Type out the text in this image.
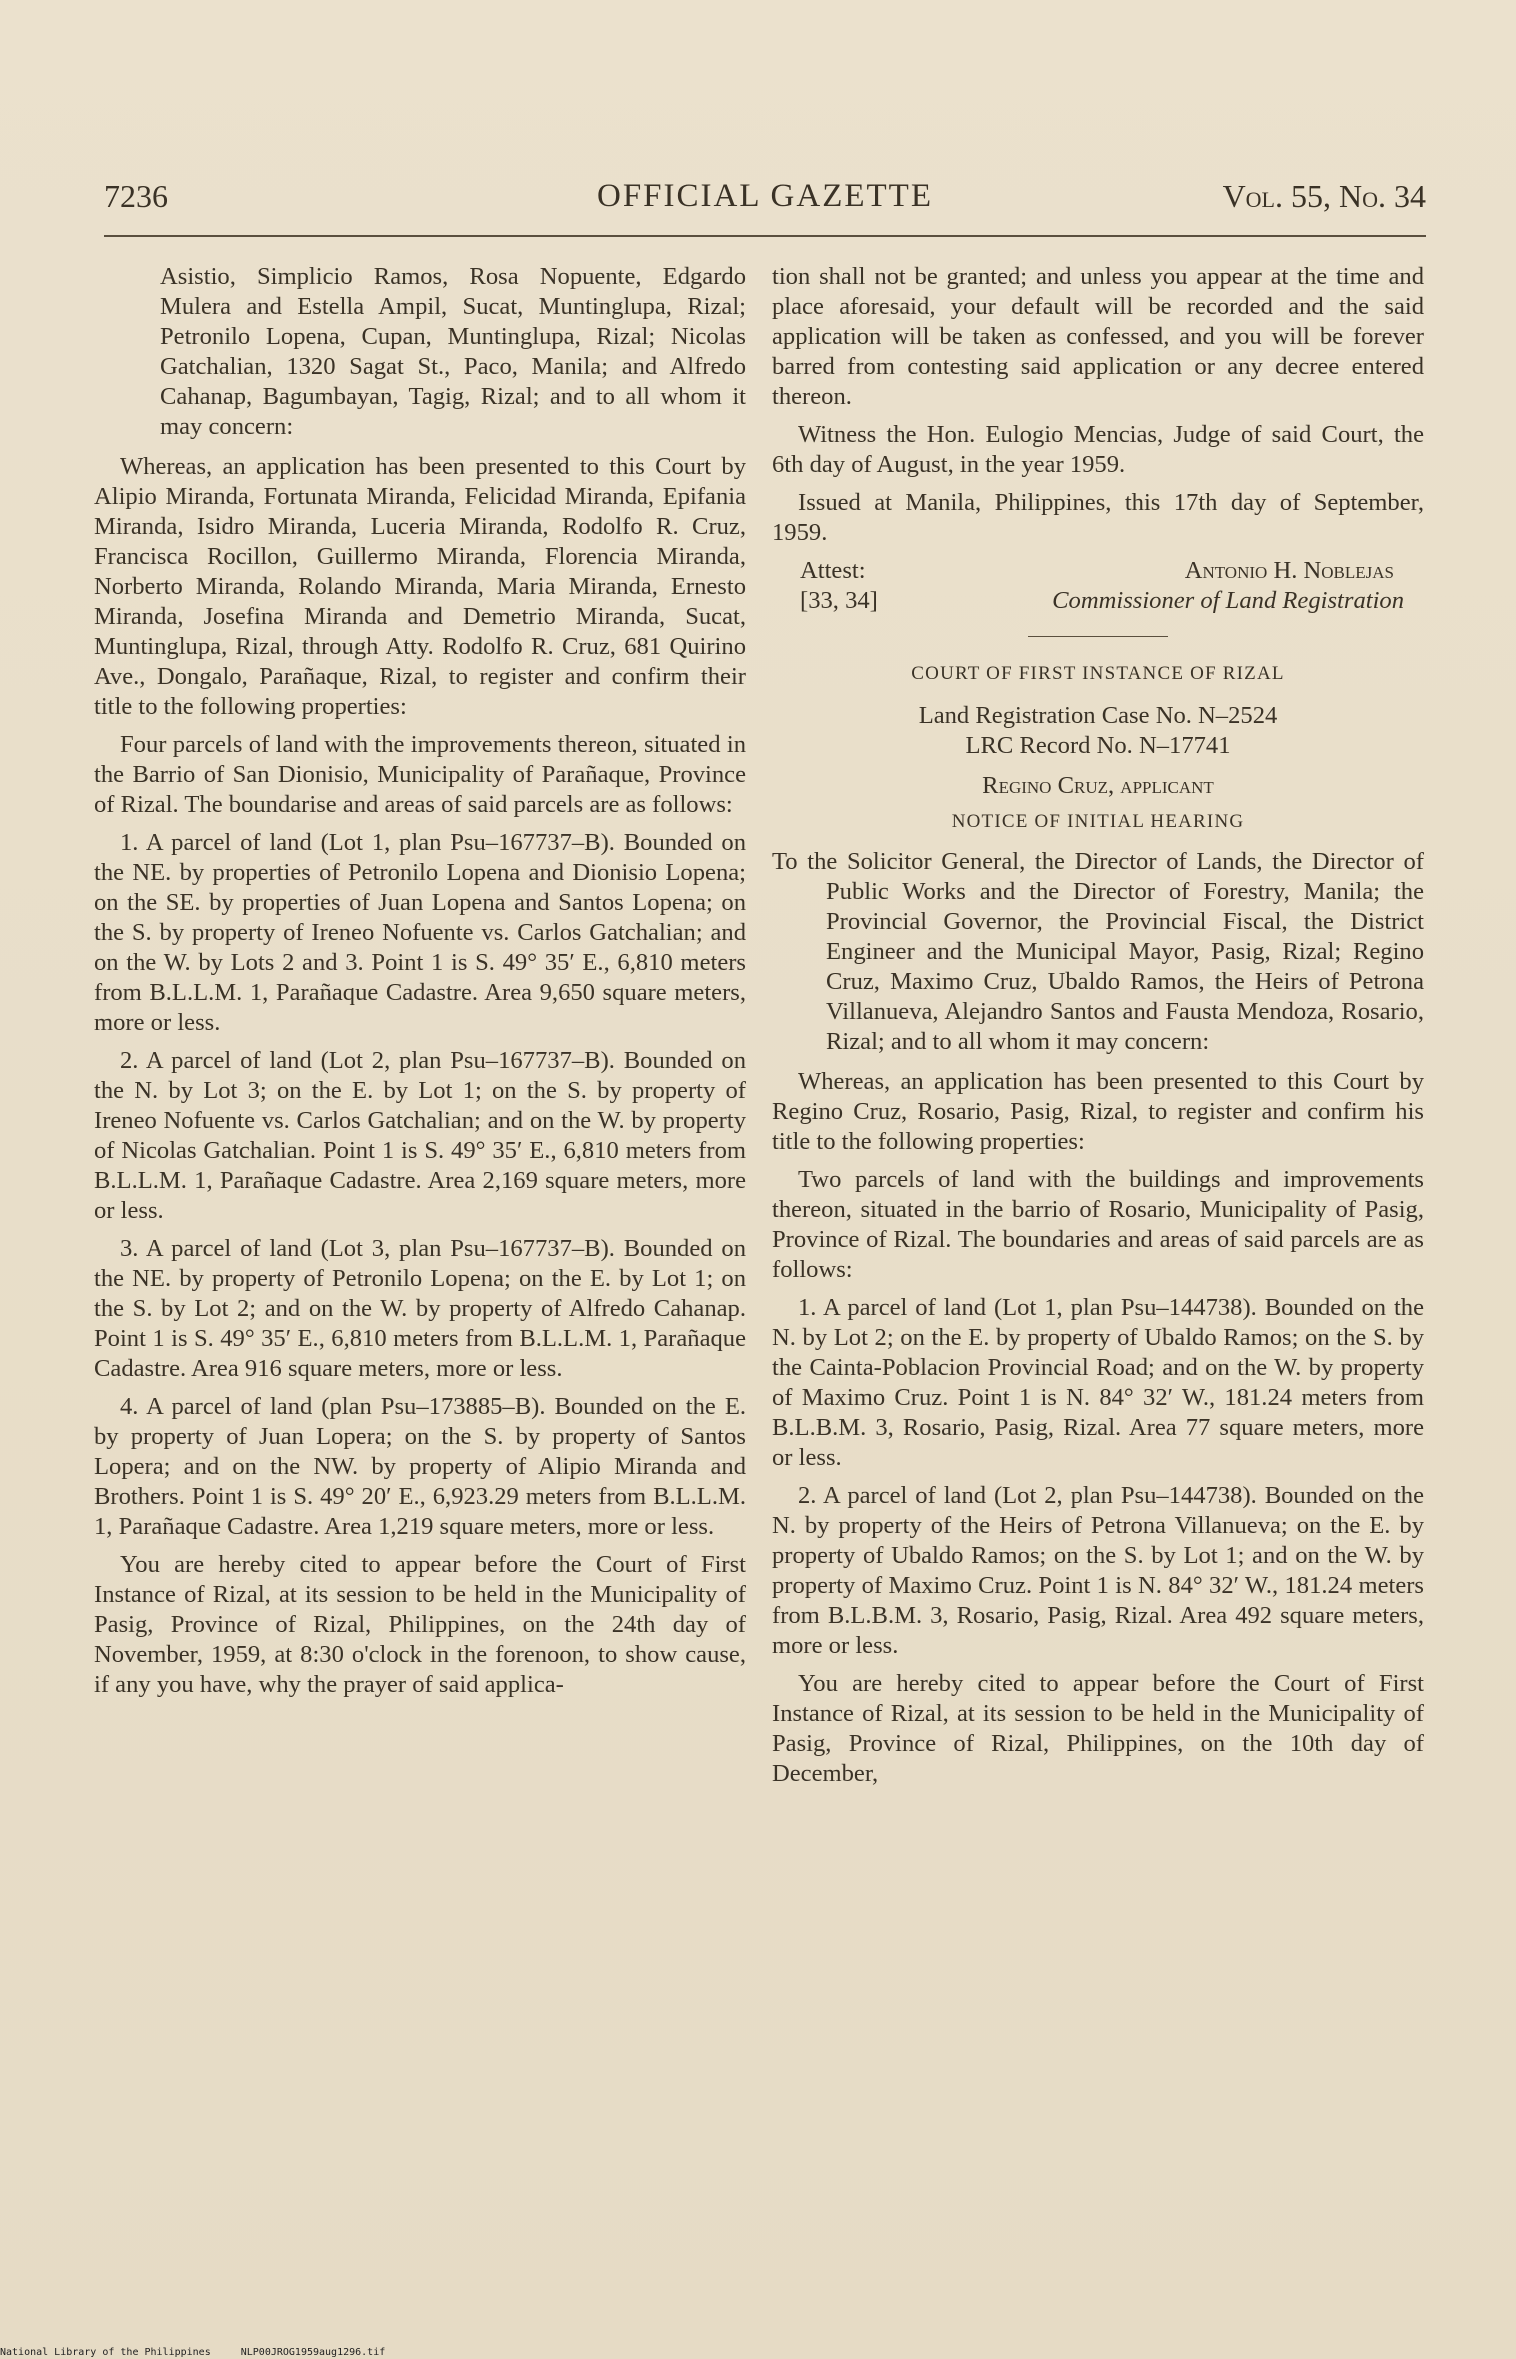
7236	OFFICIAL GAZETTE	Vol. 55, No. 34

Asistio, Simplicio Ramos, Rosa Nopuente, Edgardo Mulera and Estella Ampil, Sucat, Muntinglupa, Rizal; Petronilo Lopena, Cupan, Muntinglupa, Rizal; Nicolas Gatchalian, 1320 Sagat St., Paco, Manila; and Alfredo Cahanap, Bagumbayan, Tagig, Rizal; and to all whom it may concern:

Whereas, an application has been presented to this Court by Alipio Miranda, Fortunata Miranda, Felicidad Miranda, Epifania Miranda, Isidro Miranda, Luceria Miranda, Rodolfo R. Cruz, Francisca Rocillon, Guillermo Miranda, Florencia Miranda, Norberto Miranda, Rolando Miranda, Maria Miranda, Ernesto Miranda, Josefina Miranda and Demetrio Miranda, Sucat, Muntinglupa, Rizal, through Atty. Rodolfo R. Cruz, 681 Quirino Ave., Dongalo, Parañaque, Rizal, to register and confirm their title to the following properties:

Four parcels of land with the improvements thereon, situated in the Barrio of San Dionisio, Municipality of Parañaque, Province of Rizal. The boundarise and areas of said parcels are as follows:

1. A parcel of land (Lot 1, plan Psu–167737–B). Bounded on the NE. by properties of Petronilo Lopena and Dionisio Lopena; on the SE. by properties of Juan Lopena and Santos Lopena; on the S. by property of Ireneo Nofuente vs. Carlos Gatchalian; and on the W. by Lots 2 and 3. Point 1 is S. 49° 35′ E., 6,810 meters from B.L.L.M. 1, Parañaque Cadastre. Area 9,650 square meters, more or less.

2. A parcel of land (Lot 2, plan Psu–167737–B). Bounded on the N. by Lot 3; on the E. by Lot 1; on the S. by property of Ireneo Nofuente vs. Carlos Gatchalian; and on the W. by property of Nicolas Gatchalian. Point 1 is S. 49° 35′ E., 6,810 meters from B.L.L.M. 1, Parañaque Cadastre. Area 2,169 square meters, more or less.

3. A parcel of land (Lot 3, plan Psu–167737–B). Bounded on the NE. by property of Petronilo Lopena; on the E. by Lot 1; on the S. by Lot 2; and on the W. by property of Alfredo Cahanap. Point 1 is S. 49° 35′ E., 6,810 meters from B.L.L.M. 1, Parañaque Cadastre. Area 916 square meters, more or less.

4. A parcel of land (plan Psu–173885–B). Bounded on the E. by property of Juan Lopera; on the S. by property of Santos Lopera; and on the NW. by property of Alipio Miranda and Brothers. Point 1 is S. 49° 20′ E., 6,923.29 meters from B.L.L.M. 1, Parañaque Cadastre. Area 1,219 square meters, more or less.

You are hereby cited to appear before the Court of First Instance of Rizal, at its session to be held in the Municipality of Pasig, Province of Rizal, Philippines, on the 24th day of November, 1959, at 8:30 o'clock in the forenoon, to show cause, if any you have, why the prayer of said applica-

tion shall not be granted; and unless you appear at the time and place aforesaid, your default will be recorded and the said application will be taken as confessed, and you will be forever barred from contesting said application or any decree entered thereon.

Witness the Hon. Eulogio Mencias, Judge of said Court, the 6th day of August, in the year 1959.

Issued at Manila, Philippines, this 17th day of September, 1959.

Attest:	Antonio H. Noblejas
[33, 34]	Commissioner of Land Registration

COURT OF FIRST INSTANCE OF RIZAL

Land Registration Case No. N–2524

LRC Record No. N–17741

Regino Cruz, applicant

NOTICE OF INITIAL HEARING

To the Solicitor General, the Director of Lands, the Director of Public Works and the Director of Forestry, Manila; the Provincial Governor, the Provincial Fiscal, the District Engineer and the Municipal Mayor, Pasig, Rizal; Regino Cruz, Maximo Cruz, Ubaldo Ramos, the Heirs of Petrona Villanueva, Alejandro Santos and Fausta Mendoza, Rosario, Rizal; and to all whom it may concern:

Whereas, an application has been presented to this Court by Regino Cruz, Rosario, Pasig, Rizal, to register and confirm his title to the following properties:

Two parcels of land with the buildings and improvements thereon, situated in the barrio of Rosario, Municipality of Pasig, Province of Rizal. The boundaries and areas of said parcels are as follows:

1. A parcel of land (Lot 1, plan Psu–144738). Bounded on the N. by Lot 2; on the E. by property of Ubaldo Ramos; on the S. by the Cainta-Poblacion Provincial Road; and on the W. by property of Maximo Cruz. Point 1 is N. 84° 32′ W., 181.24 meters from B.L.B.M. 3, Rosario, Pasig, Rizal. Area 77 square meters, more or less.

2. A parcel of land (Lot 2, plan Psu–144738). Bounded on the N. by property of the Heirs of Petrona Villanueva; on the E. by property of Ubaldo Ramos; on the S. by Lot 1; and on the W. by property of Maximo Cruz. Point 1 is N. 84° 32′ W., 181.24 meters from B.L.B.M. 3, Rosario, Pasig, Rizal. Area 492 square meters, more or less.

You are hereby cited to appear before the Court of First Instance of Rizal, at its session to be held in the Municipality of Pasig, Province of Rizal, Philippines, on the 10th day of December,

National Library of the Philippines	NLP00JROG1959aug1296.tif
